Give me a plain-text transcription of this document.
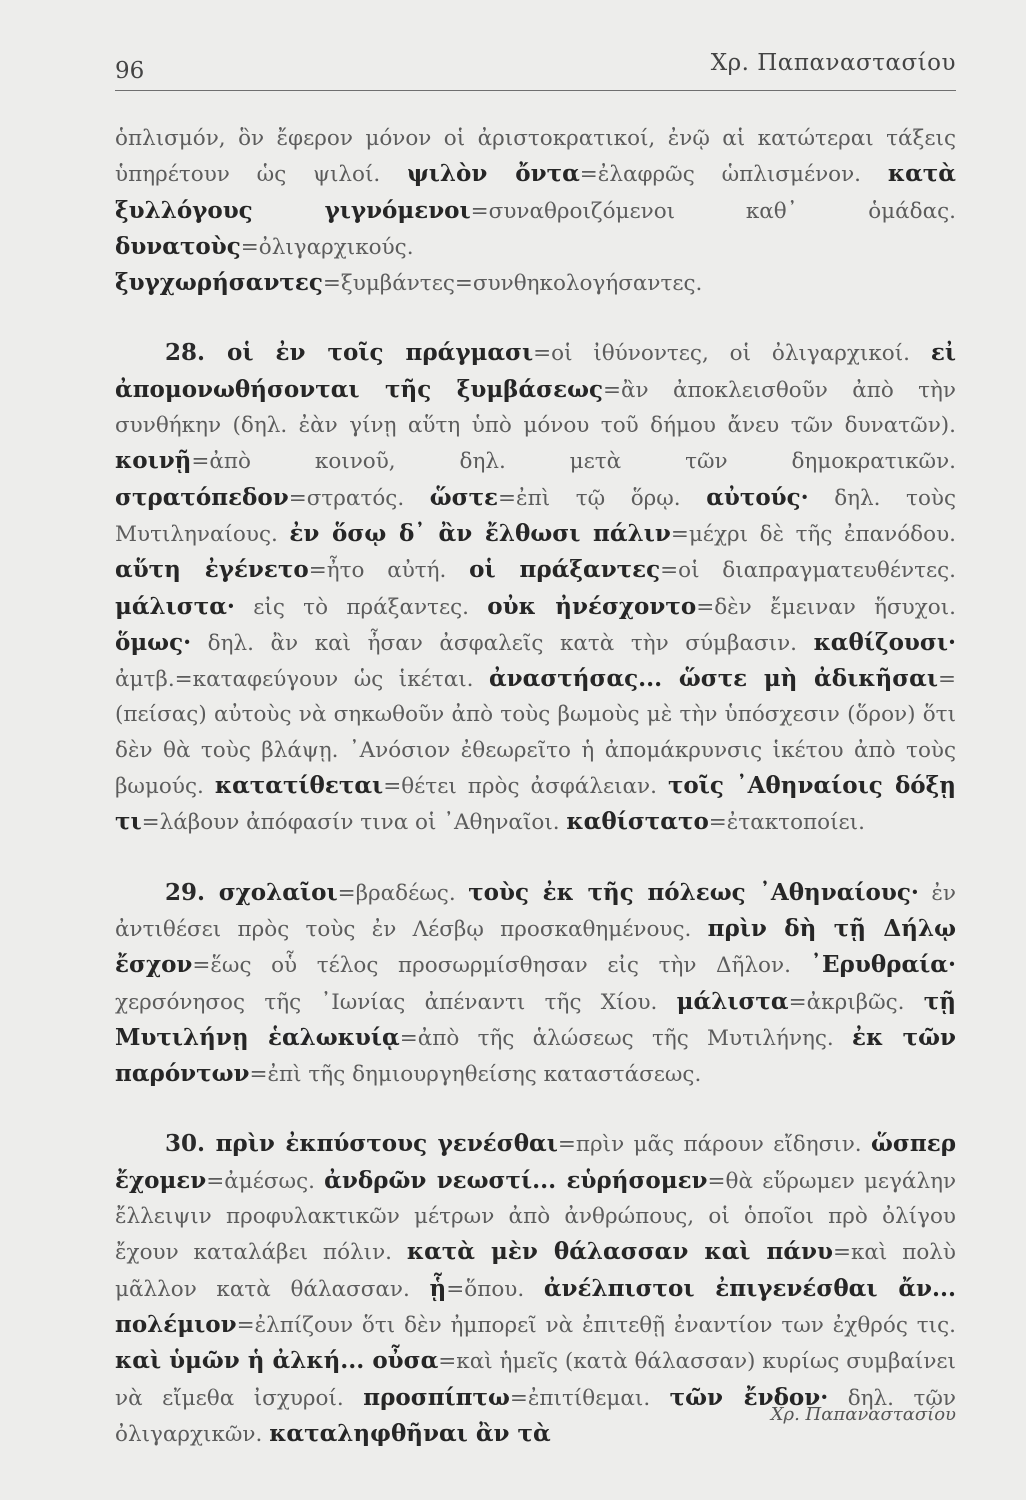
96	Χρ. Παπαναστασίου

ὁπλισμόν, ὃν ἔφερον μόνον οἱ ἀριστοκρατικοί, ἐνῷ αἱ κατώτεραι τάξεις ὑπηρέτουν ὡς ψιλοί. ψιλὸν ὄντα=ἐλαφρῶς ὡπλισμένον. κατὰ ξυλλόγους γιγνόμενοι=συναθροιζόμενοι καθ᾽ ὁμάδας. δυνατοὺς=ὀλιγαρχικούς. ξυγχωρήσαντες=ξυμβάντες=συνθηκολογήσαντες.

28. οἱ ἐν τοῖς πράγμασι=οἱ ἰθύνοντες, οἱ ὀλιγαρχικοί. εἰ ἀπομονωθήσονται τῆς ξυμβάσεως=ἂν ἀποκλεισθοῦν ἀπὸ τὴν συνθήκην (δηλ. ἐὰν γίνῃ αὕτη ὑπὸ μόνου τοῦ δήμου ἄνευ τῶν δυνατῶν). κοινῇ=ἀπὸ κοινοῦ, δηλ. μετὰ τῶν δημοκρατικῶν. στρατόπεδον=στρατός. ὥστε=ἐπὶ τῷ ὅρῳ. αὐτούς· δηλ. τοὺς Μυτιληναίους. ἐν ὅσῳ δ᾽ ἂν ἔλθωσι πάλιν=μέχρι δὲ τῆς ἐπανόδου. αὕτη ἐγένετο=ἦτο αὐτή. οἱ πράξαντες=οἱ διαπραγματευθέντες. μάλιστα· εἰς τὸ πράξαντες. οὐκ ἠνέσχοντο=δὲν ἔμειναν ἥσυχοι. ὅμως· δηλ. ἂν καὶ ἦσαν ἀσφαλεῖς κατὰ τὴν σύμβασιν. καθίζουσι· ἀμτβ.=καταφεύγουν ὡς ἱκέται. ἀναστήσας... ὥστε μὴ ἀδικῆσαι=(πείσας) αὐτοὺς νὰ σηκωθοῦν ἀπὸ τοὺς βωμοὺς μὲ τὴν ὑπόσχεσιν (ὅρον) ὅτι δὲν θὰ τοὺς βλάψῃ. ᾿Ανόσιον ἐθεωρεῖτο ἡ ἀπομάκρυνσις ἱκέτου ἀπὸ τοὺς βωμούς. κατατίθεται=θέτει πρὸς ἀσφάλειαν. τοῖς ᾿Αθηναίοις δόξῃ τι=λάβουν ἀπόφασίν τινα οἱ ᾿Αθηναῖοι. καθίστατο=ἐτακτοποίει.

29. σχολαῖοι=βραδέως. τοὺς ἐκ τῆς πόλεως ᾿Αθηναίους· ἐν ἀντιθέσει πρὸς τοὺς ἐν Λέσβῳ προσκαθημένους. πρὶν δὴ τῇ Δήλῳ ἔσχον=ἕως οὗ τέλος προσωρμίσθησαν εἰς τὴν Δῆλον. ᾿Ερυθραία· χερσόνησος τῆς ᾿Ιωνίας ἀπέναντι τῆς Χίου. μάλιστα=ἀκριβῶς. τῇ Μυτιλήνῃ ἑαλωκυίᾳ=ἀπὸ τῆς ἁλώσεως τῆς Μυτιλήνης. ἐκ τῶν παρόντων=ἐπὶ τῆς δημιουργηθείσης καταστάσεως.

30. πρὶν ἐκπύστους γενέσθαι=πρὶν μᾶς πάρουν εἴδησιν. ὥσπερ ἔχομεν=ἀμέσως. ἀνδρῶν νεωστί... εὑρήσομεν=θὰ εὕρωμεν μεγάλην ἔλλειψιν προφυλακτικῶν μέτρων ἀπὸ ἀνθρώπους, οἱ ὁποῖοι πρὸ ὀλίγου ἔχουν καταλάβει πόλιν. κατὰ μὲν θάλασσαν καὶ πάνυ=καὶ πολὺ μᾶλλον κατὰ θάλασσαν. ᾗ=ὅπου. ἀνέλπιστοι ἐπιγενέσθαι ἄν... πολέμιον=ἐλπίζουν ὅτι δὲν ἠμπορεῖ νὰ ἐπιτεθῇ ἐναντίον των ἐχθρός τις. καὶ ὑμῶν ἡ ἀλκή... οὖσα=καὶ ἡμεῖς (κατὰ θάλασσαν) κυρίως συμβαίνει νὰ εἴμεθα ἰσχυροί. προσπίπτω=ἐπιτίθεμαι. τῶν ἔνδον· δηλ. τῶν ὀλιγαρχικῶν. καταληφθῆναι ἂν τὰ

Χρ. Παπαναστασίου
